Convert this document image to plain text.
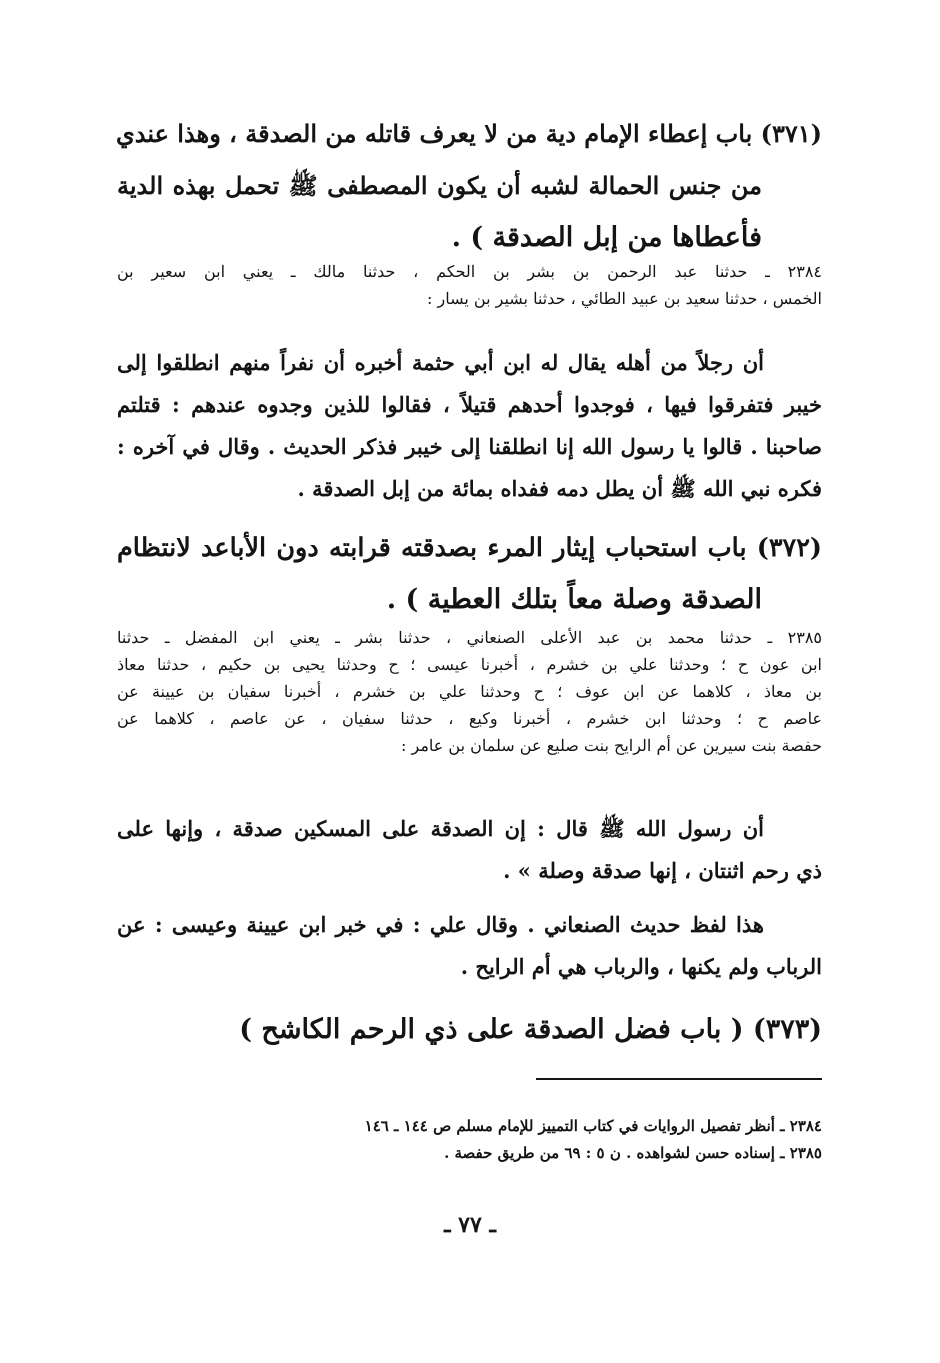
(٣٧١) باب إعطاء الإمام دية من لا يعرف قاتله من الصدقة ، وهذا عندي
من جنس الحمالة لشبه أن يكون المصطفى ﷺ تحمل بهذه الدية
فأعطاها من إبل الصدقة ) .
٢٣٨٤ ـ حدثنا عبد الرحمن بن بشر بن الحكم ، حدثنا مالك ـ يعني ابن سعير بن
الخمس ، حدثنا سعيد بن عبيد الطائي ، حدثنا بشير بن يسار :
أن رجلاً من أهله يقال له ابن أبي حثمة أخبره أن نفراً منهم انطلقوا إلى
خيبر فتفرقوا فيها ، فوجدوا أحدهم قتيلاً ، فقالوا للذين وجدوه عندهم : قتلتم
صاحبنا . قالوا يا رسول الله إنا انطلقنا إلى خيبر فذكر الحديث . وقال في آخره :
فكره نبي الله ﷺ أن يطل دمه ففداه بمائة من إبل الصدقة .
(٣٧٢) باب استحباب إيثار المرء بصدقته قرابته دون الأباعد لانتظام
الصدقة وصلة معاً بتلك العطية ) .
٢٣٨٥ ـ حدثنا محمد بن عبد الأعلى الصنعاني ، حدثنا بشر ـ يعني ابن المفضل ـ حدثنا
ابن عون ح ؛ وحدثنا علي بن خشرم ، أخبرنا عيسى ؛ ح وحدثنا يحيى بن حكيم ، حدثنا معاذ
بن معاذ ، كلاهما عن ابن عوف ؛ ح وحدثنا علي بن خشرم ، أخبرنا سفيان بن عيينة عن
عاصم ح ؛ وحدثنا ابن خشرم ، أخبرنا وكيع ، حدثنا سفيان ، عن عاصم ، كلاهما عن
حفصة بنت سيرين عن أم الرايح بنت صليع عن سلمان بن عامر :
أن رسول الله ﷺ قال : إن الصدقة على المسكين صدقة ، وإنها على
ذي رحم اثنتان ، إنها صدقة وصلة » .
هذا لفظ حديث الصنعاني . وقال علي : في خبر ابن عيينة وعيسى : عن
الرباب ولم يكنها ، والرباب هي أم الرايح .
(٣٧٣) ( باب فضل الصدقة على ذي الرحم الكاشح )
٢٣٨٤ ـ أنظر تفصيل الروايات في كتاب التمييز للإمام مسلم ص ١٤٤ ـ ١٤٦
٢٣٨٥ ـ إسناده حسن لشواهده . ن ٥ : ٦٩ من طريق حفصة .
ـ ٧٧ ـ
